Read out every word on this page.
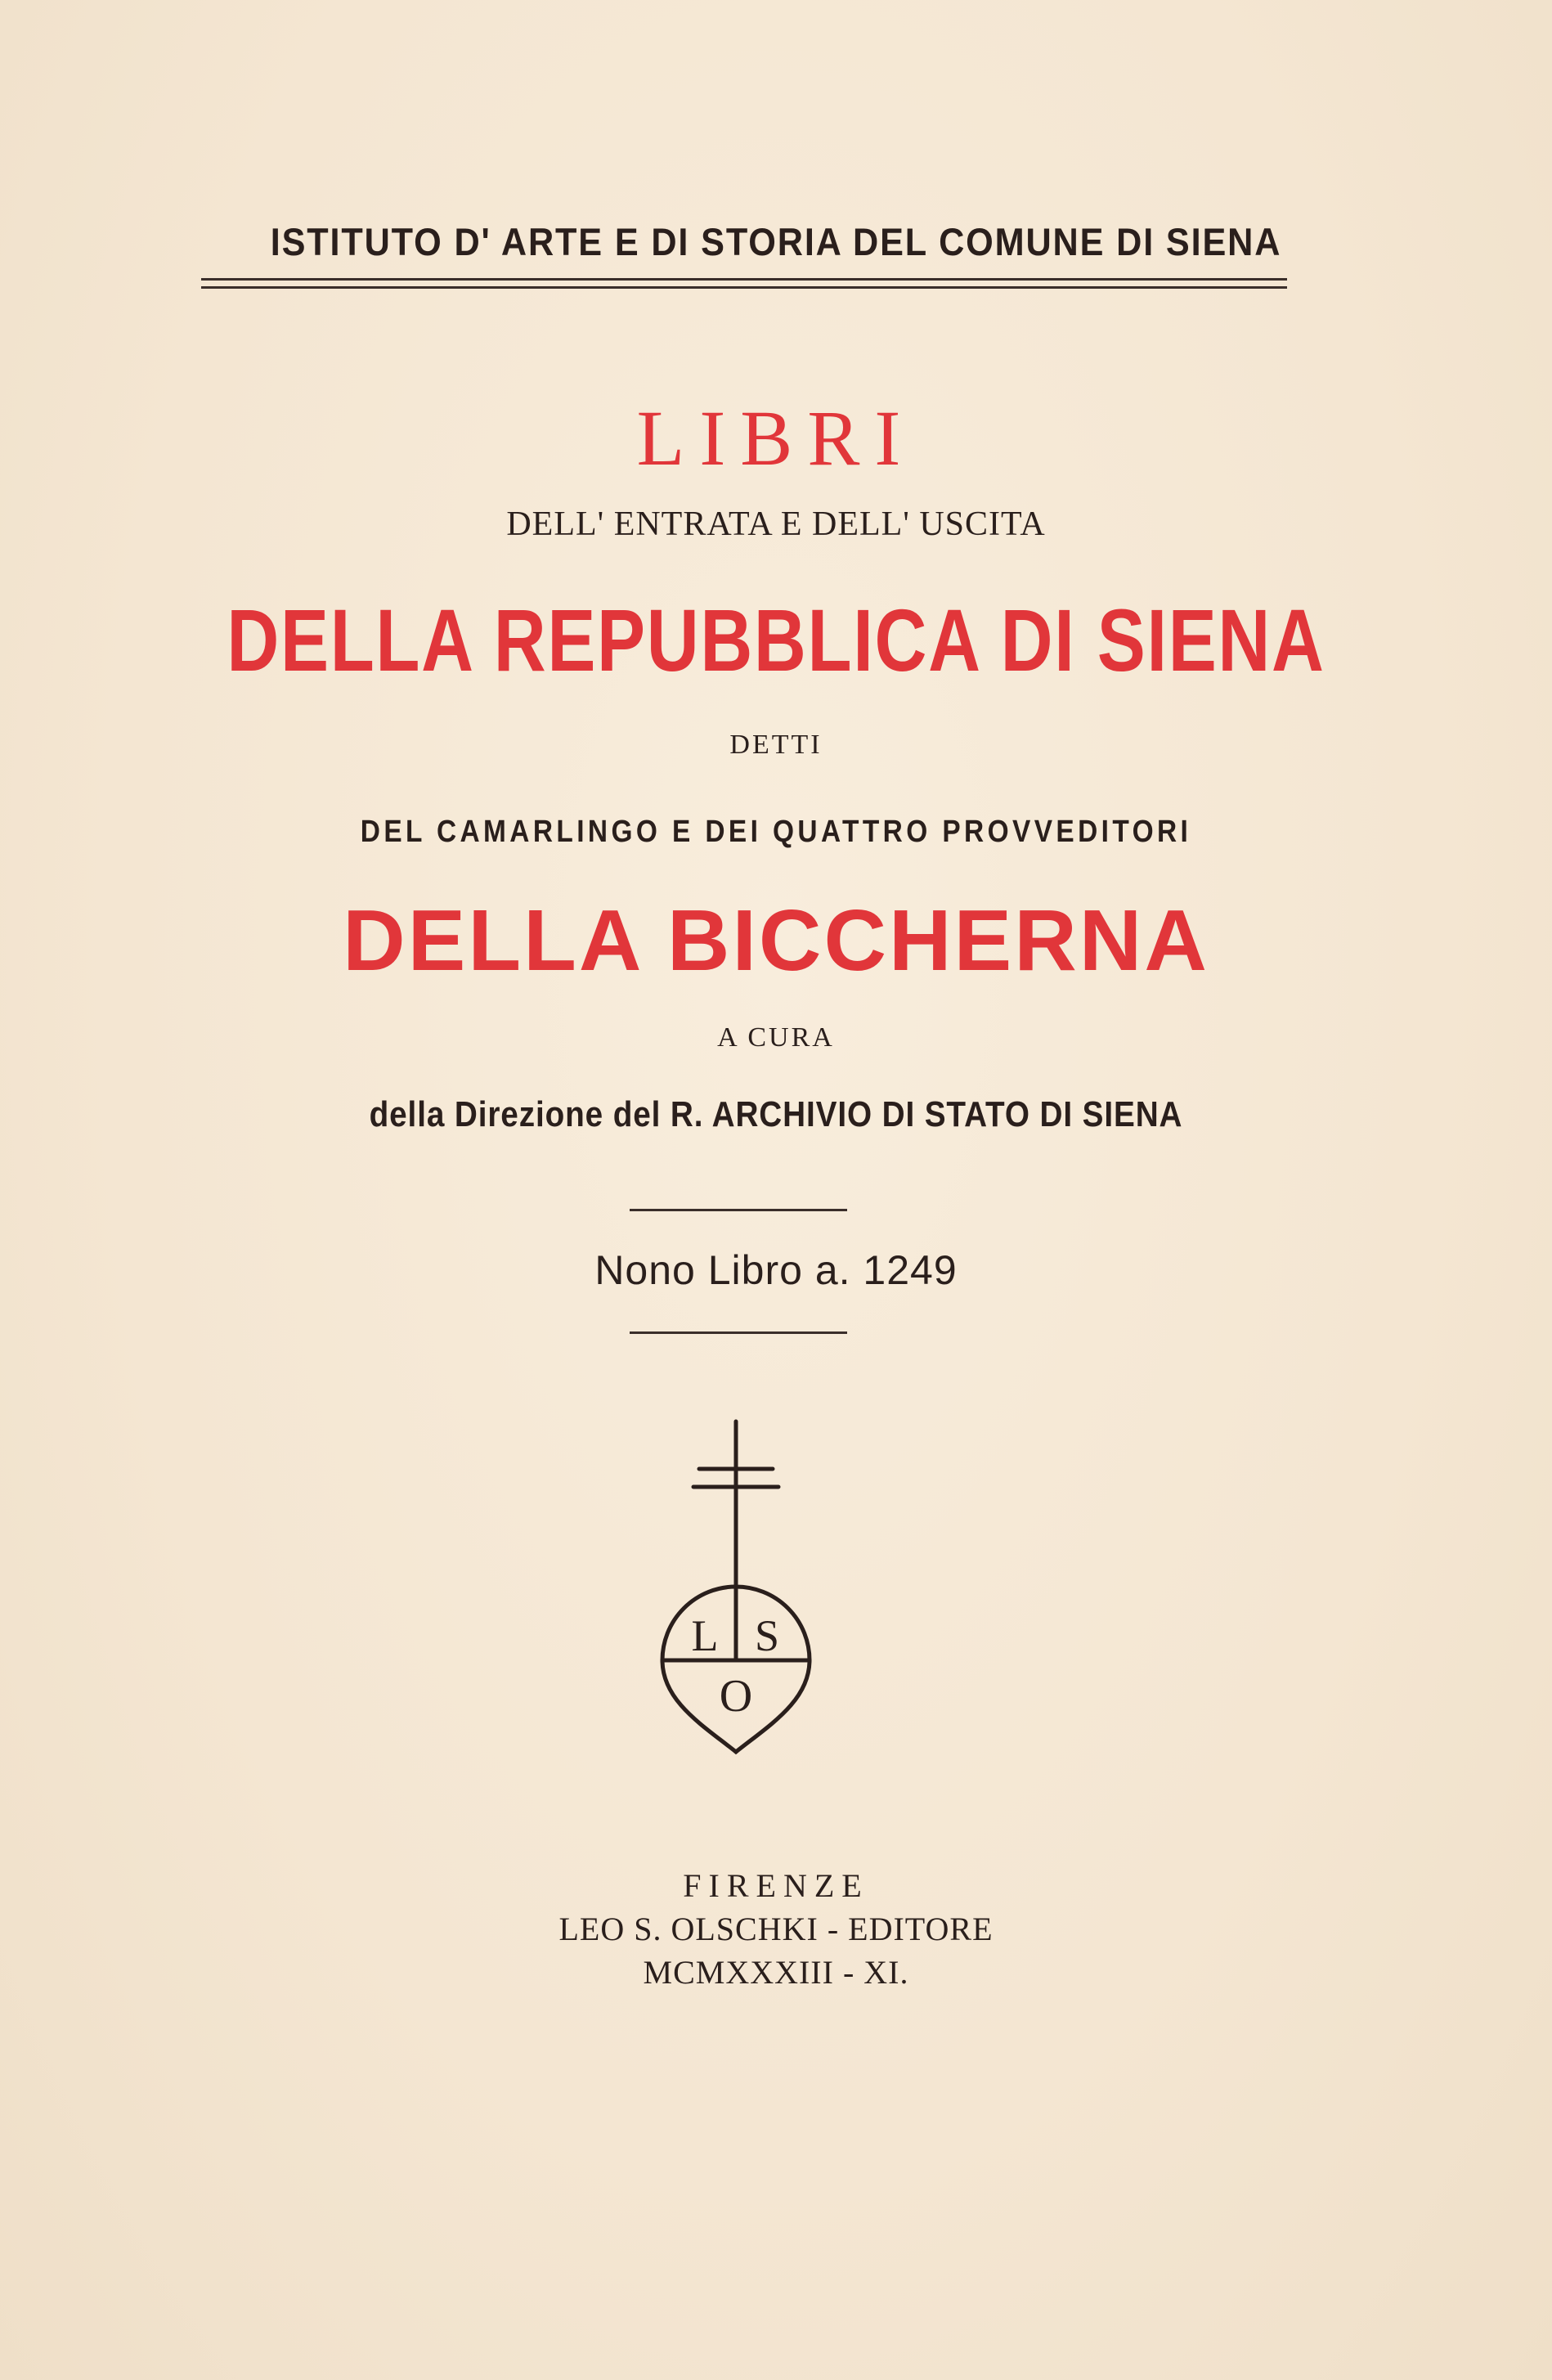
ISTITUTO D' ARTE E DI STORIA DEL COMUNE DI SIENA
LIBRI
DELL' ENTRATA E DELL' USCITA
DELLA REPUBBLICA DI SIENA
DETTI
DEL CAMARLINGO E DEI QUATTRO PROVVEDITORI
DELLA BICCHERNA
A CURA
della Direzione del R. ARCHIVIO DI STATO DI SIENA
Nono Libro a. 1249
L S
O
FIRENZE
LEO S. OLSCHKI - EDITORE
MCMXXXIII - XI.
